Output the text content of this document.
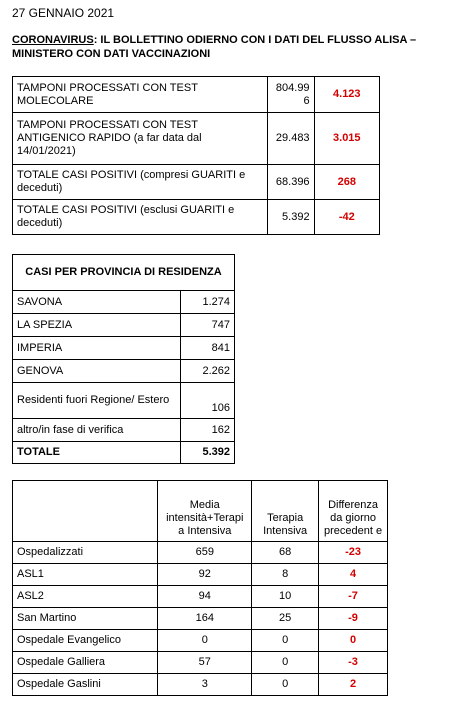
27 GENNAIO 2021
CORONAVIRUS: IL BOLLETTINO ODIERNO CON I DATI DEL FLUSSO ALISA – MINISTERO CON DATI VACCINAZIONI
TAMPONI PROCESSATI CON TEST MOLECOLARE	804.996	4.123
TAMPONI PROCESSATI CON TEST ANTIGENICO RAPIDO (a far data dal 14/01/2021)	29.483	3.015
TOTALE CASI POSITIVI (compresi GUARITI e deceduti)	68.396	268
TOTALE CASI POSITIVI (esclusi GUARITI e deceduti)	5.392	-42
CASI PER PROVINCIA DI RESIDENZA	
SAVONA	1.274
LA SPEZIA	747
IMPERIA	841
GENOVA	2.262
Residenti fuori Regione/ Estero	106
altro/in fase di verifica	162
TOTALE	5.392
	Media intensità+Terapi a Intensiva	Terapia Intensiva	Differenza da giorno precedent e
Ospedalizzati	659	68	-23
ASL1	92	8	4
ASL2	94	10	-7
San Martino	164	25	-9
Ospedale Evangelico	0	0	0
Ospedale Galliera	57	0	-3
Ospedale Gaslini	3	0	2
